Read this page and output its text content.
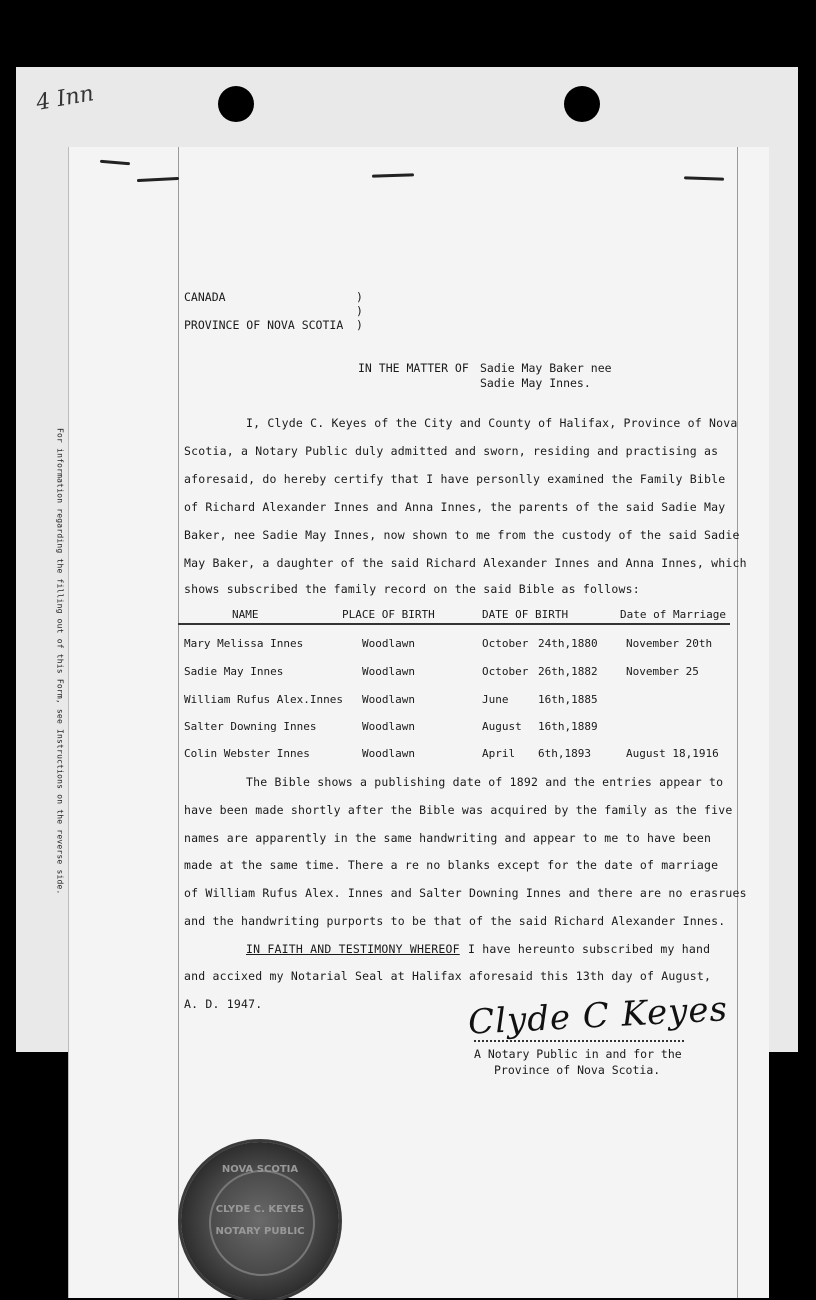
4 Inn
For information regarding the filling out of this Form, see Instructions on the reverse side.
CANADA
PROVINCE OF NOVA SCOTIA
)
)
)
IN THE MATTER OF Sadie May Baker nee
Sadie May Innes.
I, Clyde C. Keyes of the City and County of Halifax, Province of Nova
Scotia, a Notary Public duly admitted and sworn, residing and practising as
aforesaid, do hereby certify that I have personlly examined the Family Bible
of Richard Alexander Innes and Anna Innes, the parents of the said Sadie May
Baker, nee Sadie May Innes, now shown to me from the custody of the said Sadie
May Baker, a daughter of the said Richard Alexander Innes and Anna Innes, which
shows subscribed the family record on the said Bible as follows:
NAME	PLACE OF BIRTH	DATE OF BIRTH	Date of Marriage
Mary Melissa Innes	Woodlawn	October 24th,1880	November 20th
Sadie May Innes	Woodlawn	October 26th,1882	November 25
William Rufus Alex.Innes Woodlawn	June	16th,1885
Salter Downing Innes	Woodlawn	August 16th,1889
Colin Webster Innes	Woodlawn	April 6th,1893	August 18,1916
The Bible shows a publishing date of 1892 and the entries appear to
have been made shortly after the Bible was acquired by the family as the five
names are apparently in the same handwriting and appear to me to have been
made at the same time. There a re no blanks except for the date of marriage
of William Rufus Alex. Innes and Salter Downing Innes and there are no erasrues
and the handwriting purports to be that of the said Richard Alexander Innes.
IN FAITH AND TESTIMONY WHEREOF I have hereunto subscribed my hand
and accixed my Notarial Seal at Halifax aforesaid this 13th day of August,
A. D. 1947.	Clyde C Keyes
A Notary Public in and for the
Province of Nova Scotia.
NOVA SCOTIA
CLYDE C. KEYES
NOTARY PUBLIC
